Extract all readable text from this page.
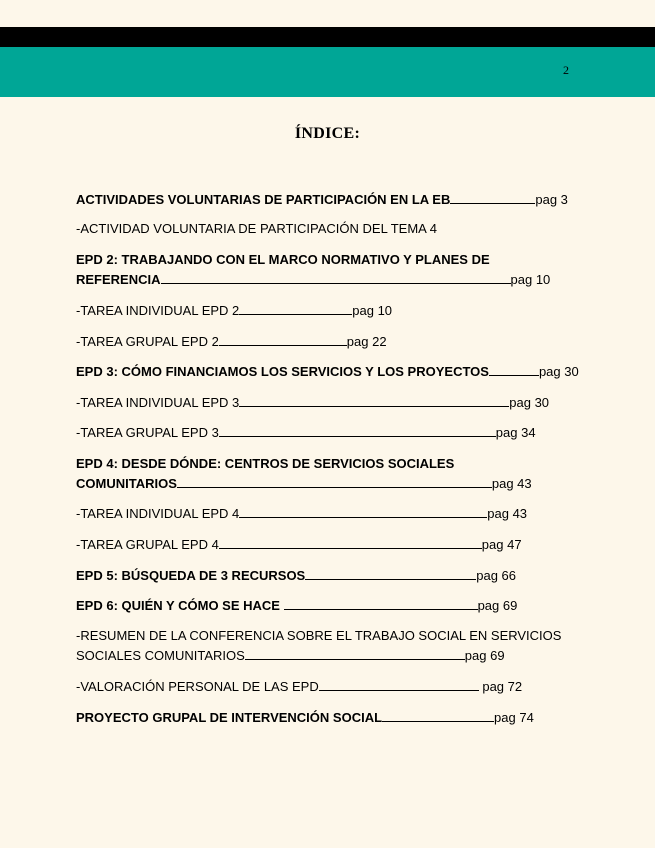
2
ÍNDICE:
ACTIVIDADES VOLUNTARIAS DE PARTICIPACIÓN EN LA EB	pag 3
-ACTIVIDAD VOLUNTARIA DE PARTICIPACIÓN DEL TEMA 4
EPD 2: TRABAJANDO CON EL MARCO NORMATIVO Y PLANES DE
REFERENCIA	pag 10
-TAREA INDIVIDUAL EPD 2	pag 10
-TAREA GRUPAL EPD 2	pag 22
EPD 3: CÓMO FINANCIAMOS LOS SERVICIOS Y LOS PROYECTOS	pag 30
-TAREA INDIVIDUAL EPD 3	pag 30
-TAREA GRUPAL EPD 3	pag 34
EPD 4: DESDE DÓNDE: CENTROS DE SERVICIOS SOCIALES
COMUNITARIOS	pag 43
-TAREA INDIVIDUAL EPD 4	pag 43
-TAREA GRUPAL EPD 4	pag 47
EPD 5: BÚSQUEDA DE 3 RECURSOS	pag 66
EPD 6: QUIÉN Y CÓMO SE HACE	pag 69
-RESUMEN DE LA CONFERENCIA SOBRE EL TRABAJO SOCIAL EN SERVICIOS
SOCIALES COMUNITARIOS	pag 69
-VALORACIÓN PERSONAL DE LAS EPD	pag 72
PROYECTO GRUPAL DE INTERVENCIÓN SOCIAL	pag 74
